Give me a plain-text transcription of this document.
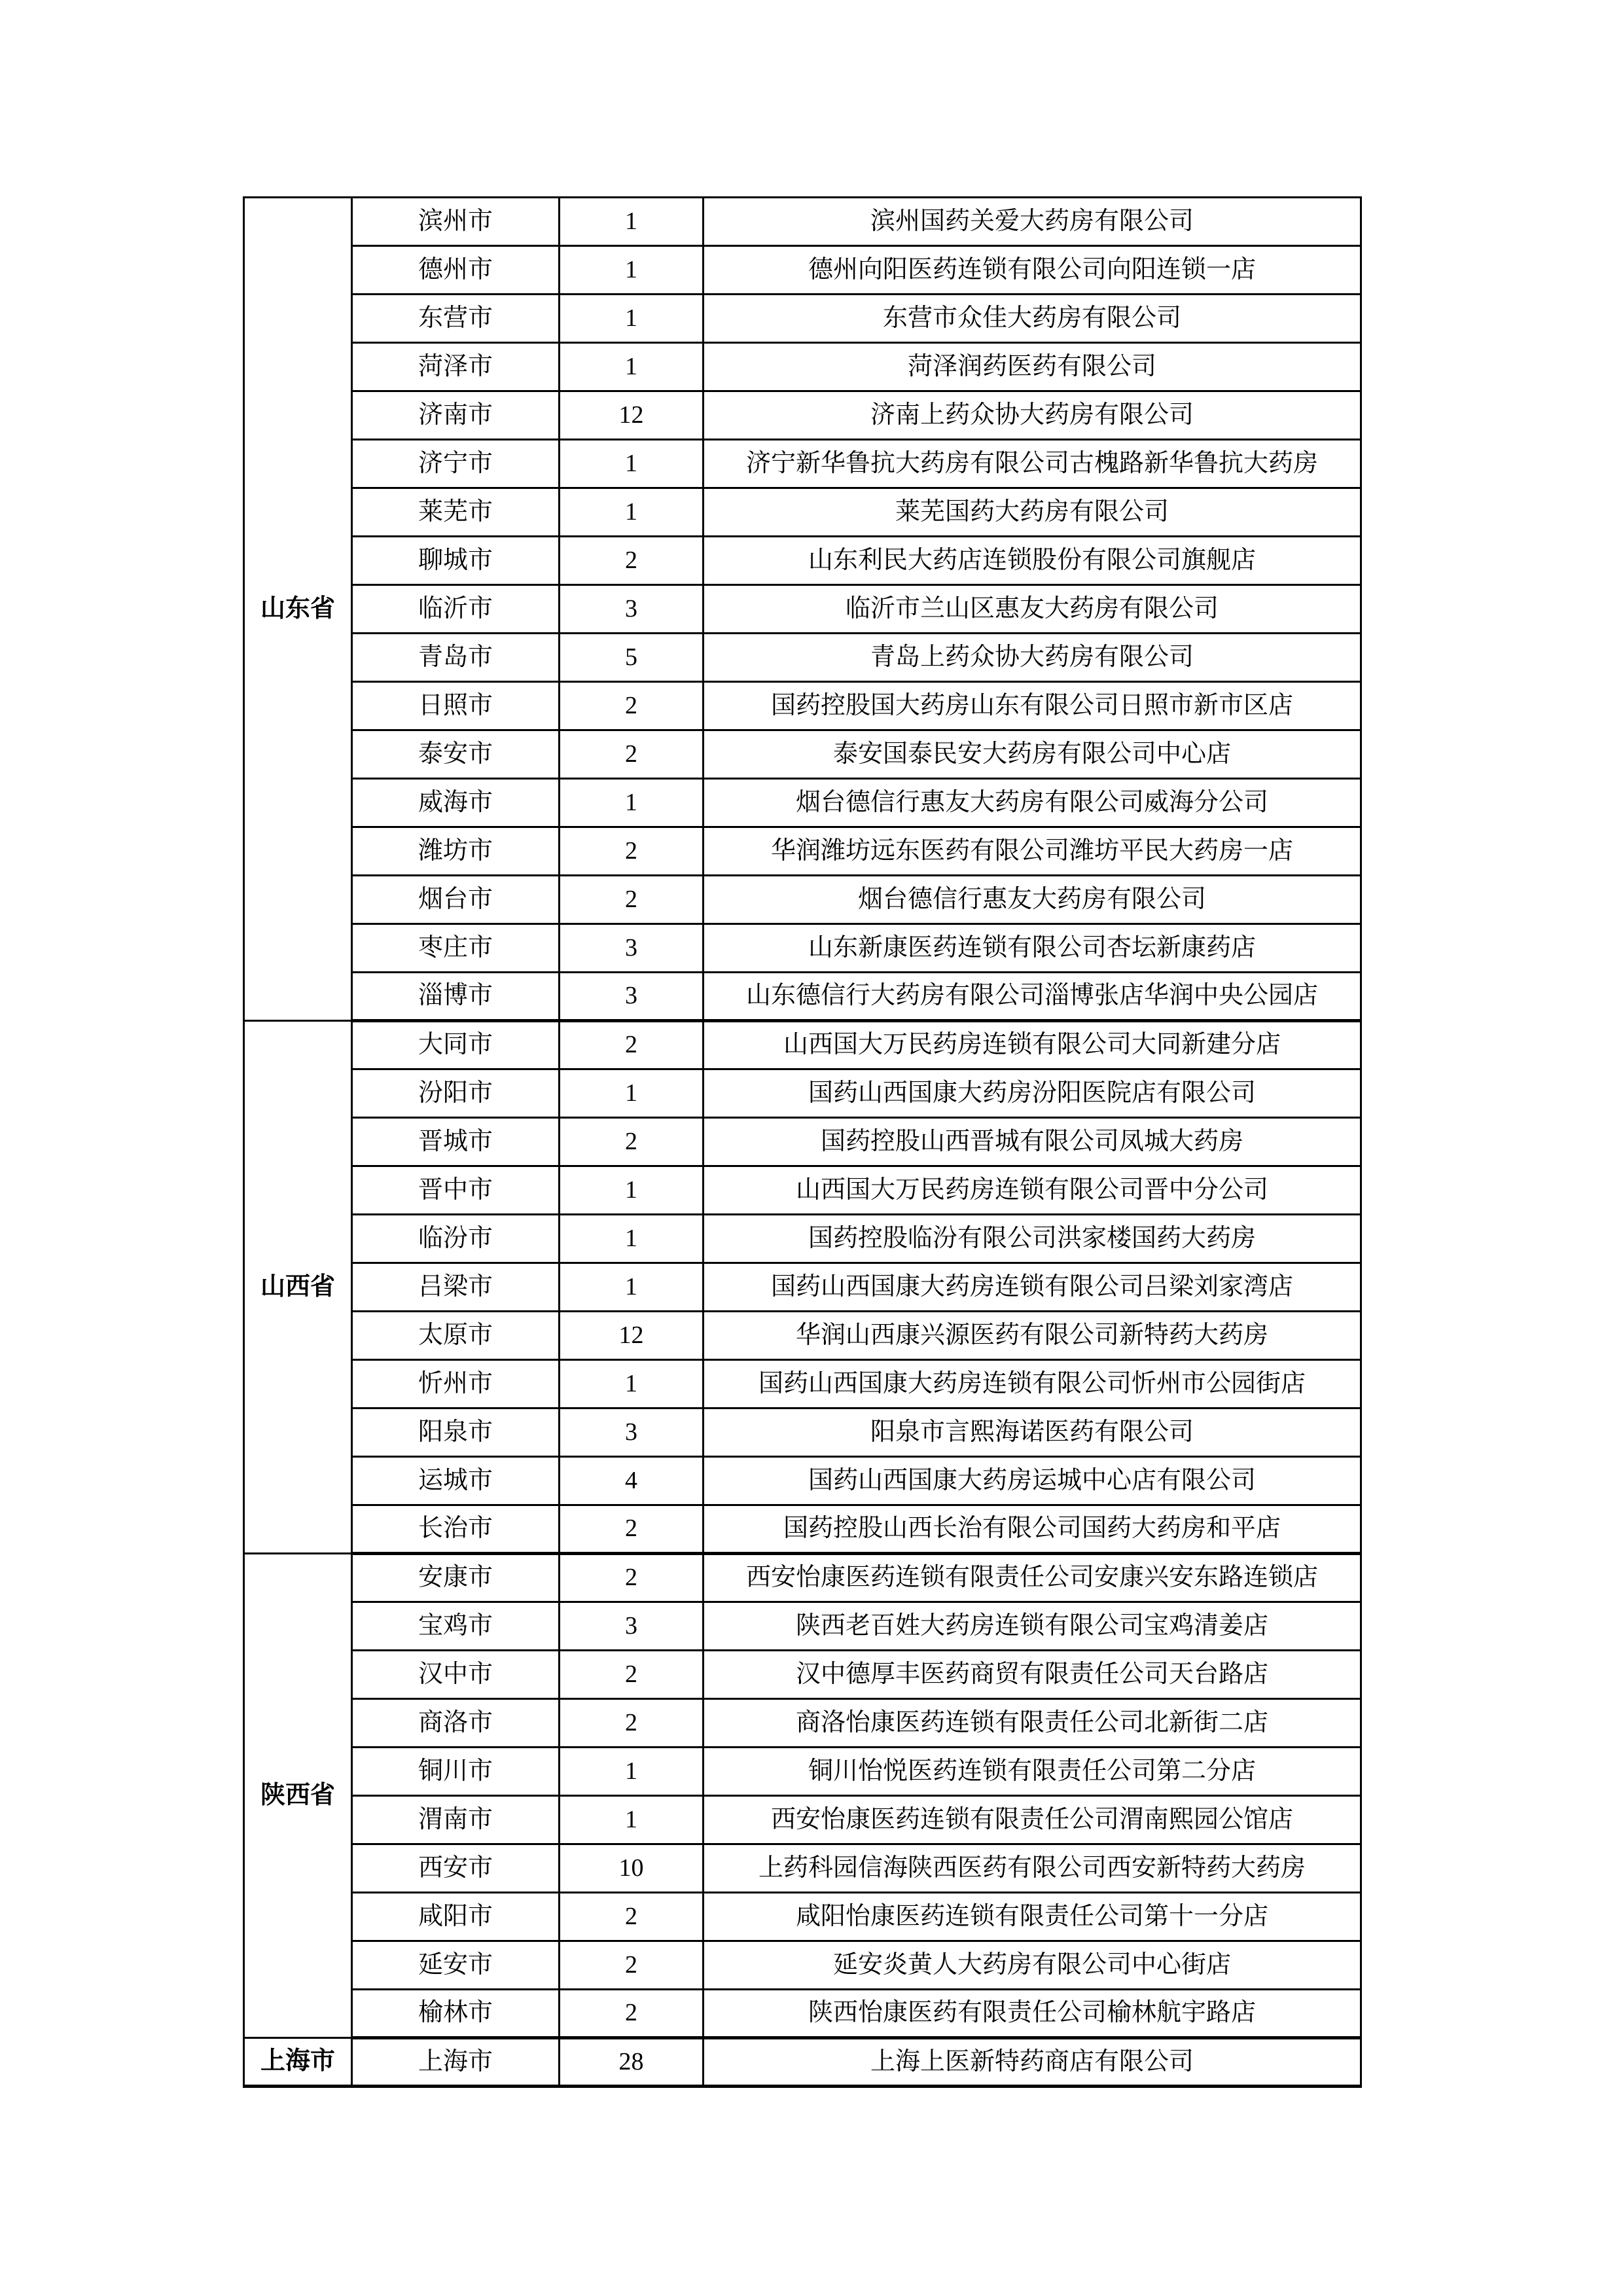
山东省	滨州市	1	滨州国药关爱大药房有限公司
	德州市	1	德州向阳医药连锁有限公司向阳连锁一店
	东营市	1	东营市众佳大药房有限公司
	菏泽市	1	菏泽润药医药有限公司
	济南市	12	济南上药众协大药房有限公司
	济宁市	1	济宁新华鲁抗大药房有限公司古槐路新华鲁抗大药房
	莱芜市	1	莱芜国药大药房有限公司
	聊城市	2	山东利民大药店连锁股份有限公司旗舰店
	临沂市	3	临沂市兰山区惠友大药房有限公司
	青岛市	5	青岛上药众协大药房有限公司
	日照市	2	国药控股国大药房山东有限公司日照市新市区店
	泰安市	2	泰安国泰民安大药房有限公司中心店
	威海市	1	烟台德信行惠友大药房有限公司威海分公司
	潍坊市	2	华润潍坊远东医药有限公司潍坊平民大药房一店
	烟台市	2	烟台德信行惠友大药房有限公司
	枣庄市	3	山东新康医药连锁有限公司杏坛新康药店
	淄博市	3	山东德信行大药房有限公司淄博张店华润中央公园店
山西省	大同市	2	山西国大万民药房连锁有限公司大同新建分店
	汾阳市	1	国药山西国康大药房汾阳医院店有限公司
	晋城市	2	国药控股山西晋城有限公司凤城大药房
	晋中市	1	山西国大万民药房连锁有限公司晋中分公司
	临汾市	1	国药控股临汾有限公司洪家楼国药大药房
	吕梁市	1	国药山西国康大药房连锁有限公司吕梁刘家湾店
	太原市	12	华润山西康兴源医药有限公司新特药大药房
	忻州市	1	国药山西国康大药房连锁有限公司忻州市公园街店
	阳泉市	3	阳泉市言熙海诺医药有限公司
	运城市	4	国药山西国康大药房运城中心店有限公司
	长治市	2	国药控股山西长治有限公司国药大药房和平店
陕西省	安康市	2	西安怡康医药连锁有限责任公司安康兴安东路连锁店
	宝鸡市	3	陕西老百姓大药房连锁有限公司宝鸡清姜店
	汉中市	2	汉中德厚丰医药商贸有限责任公司天台路店
	商洛市	2	商洛怡康医药连锁有限责任公司北新街二店
	铜川市	1	铜川怡悦医药连锁有限责任公司第二分店
	渭南市	1	西安怡康医药连锁有限责任公司渭南熙园公馆店
	西安市	10	上药科园信海陕西医药有限公司西安新特药大药房
	咸阳市	2	咸阳怡康医药连锁有限责任公司第十一分店
	延安市	2	延安炎黄人大药房有限公司中心街店
	榆林市	2	陕西怡康医药有限责任公司榆林航宇路店
上海市	上海市	28	上海上医新特药商店有限公司
